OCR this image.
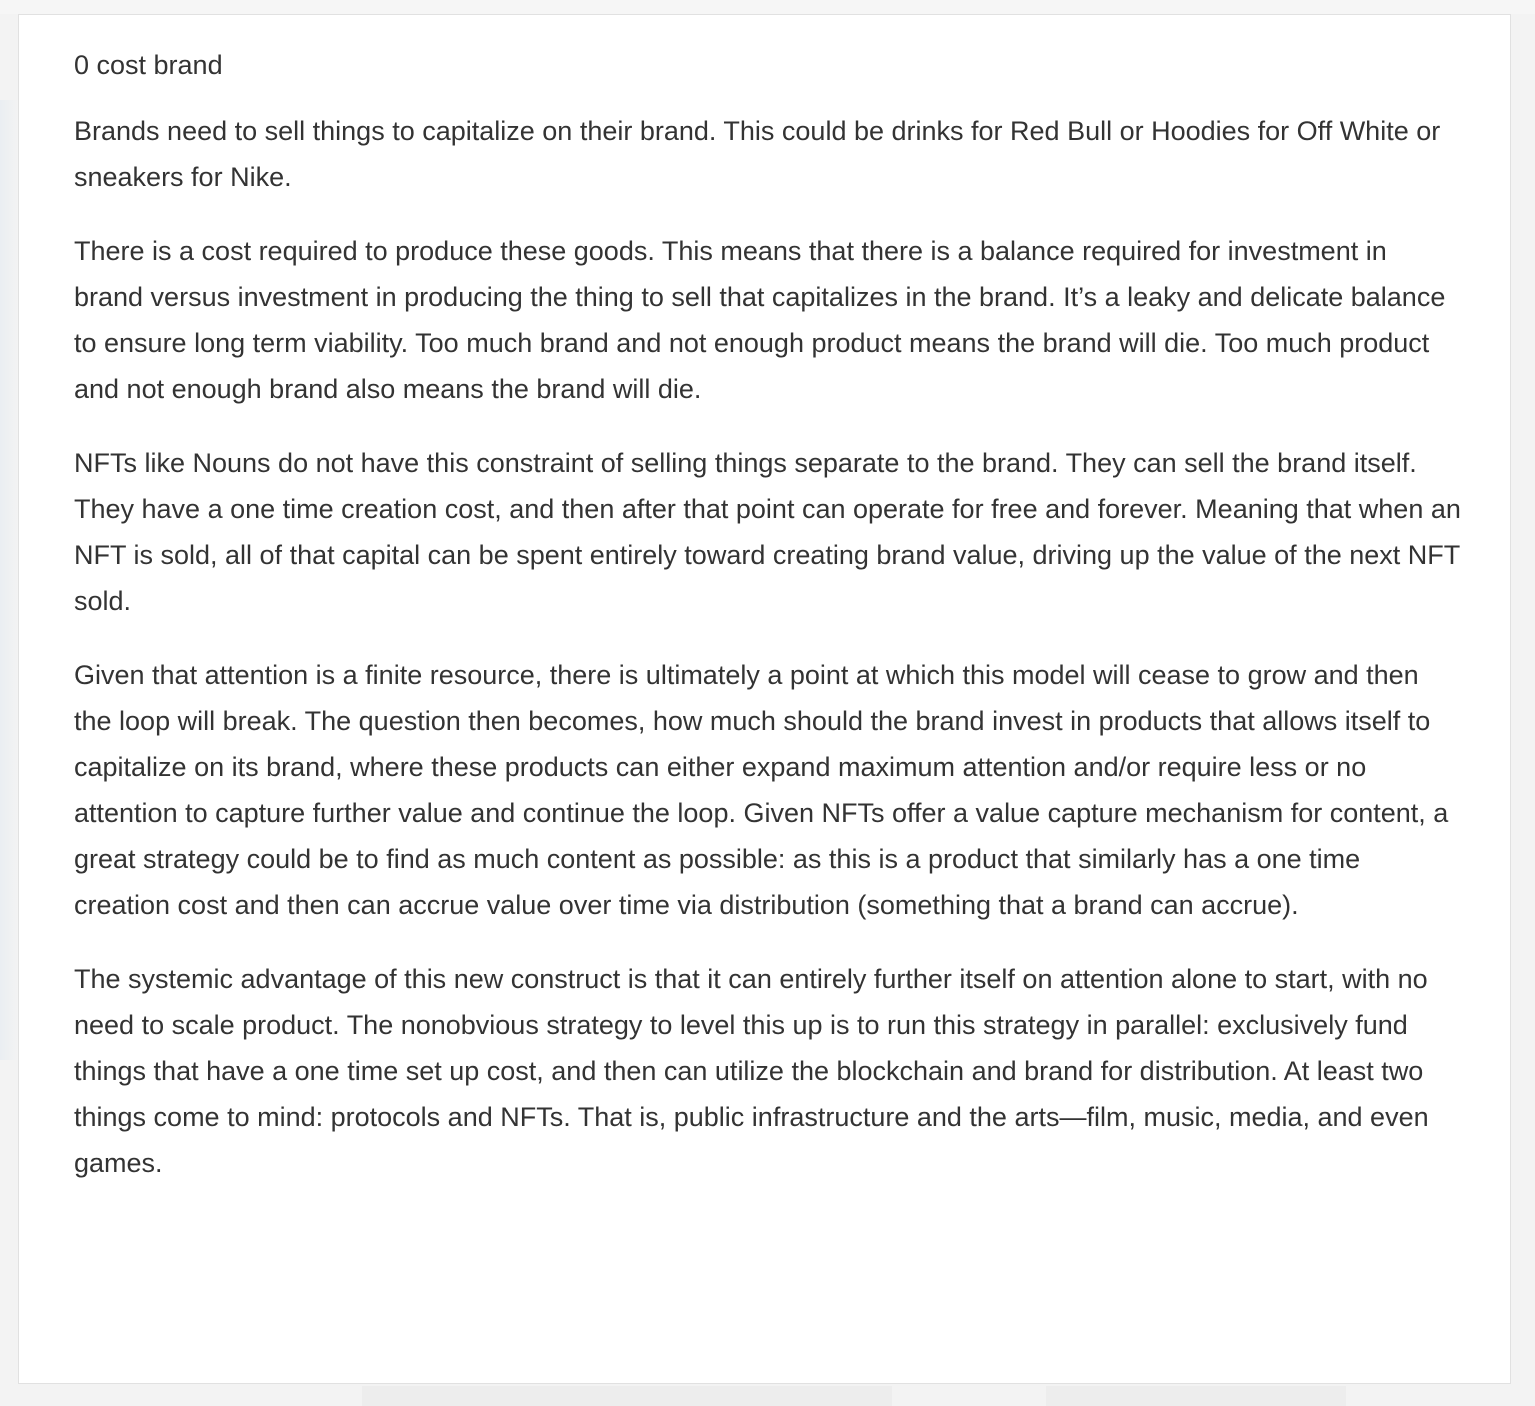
0 cost brand

Brands need to sell things to capitalize on their brand. This could be drinks for Red Bull or Hoodies for Off White or sneakers for Nike.

There is a cost required to produce these goods. This means that there is a balance required for investment in brand versus investment in producing the thing to sell that capitalizes in the brand. It’s a leaky and delicate balance to ensure long term viability. Too much brand and not enough product means the brand will die. Too much product and not enough brand also means the brand will die.

NFTs like Nouns do not have this constraint of selling things separate to the brand. They can sell the brand itself. They have a one time creation cost, and then after that point can operate for free and forever. Meaning that when an NFT is sold, all of that capital can be spent entirely toward creating brand value, driving up the value of the next NFT sold.

Given that attention is a finite resource, there is ultimately a point at which this model will cease to grow and then the loop will break. The question then becomes, how much should the brand invest in products that allows itself to capitalize on its brand, where these products can either expand maximum attention and/or require less or no attention to capture further value and continue the loop. Given NFTs offer a value capture mechanism for content, a great strategy could be to find as much content as possible: as this is a product that similarly has a one time creation cost and then can accrue value over time via distribution (something that a brand can accrue).

The systemic advantage of this new construct is that it can entirely further itself on attention alone to start, with no need to scale product. The nonobvious strategy to level this up is to run this strategy in parallel: exclusively fund things that have a one time set up cost, and then can utilize the blockchain and brand for distribution. At least two things come to mind: protocols and NFTs. That is, public infrastructure and the arts—film, music, media, and even games.
